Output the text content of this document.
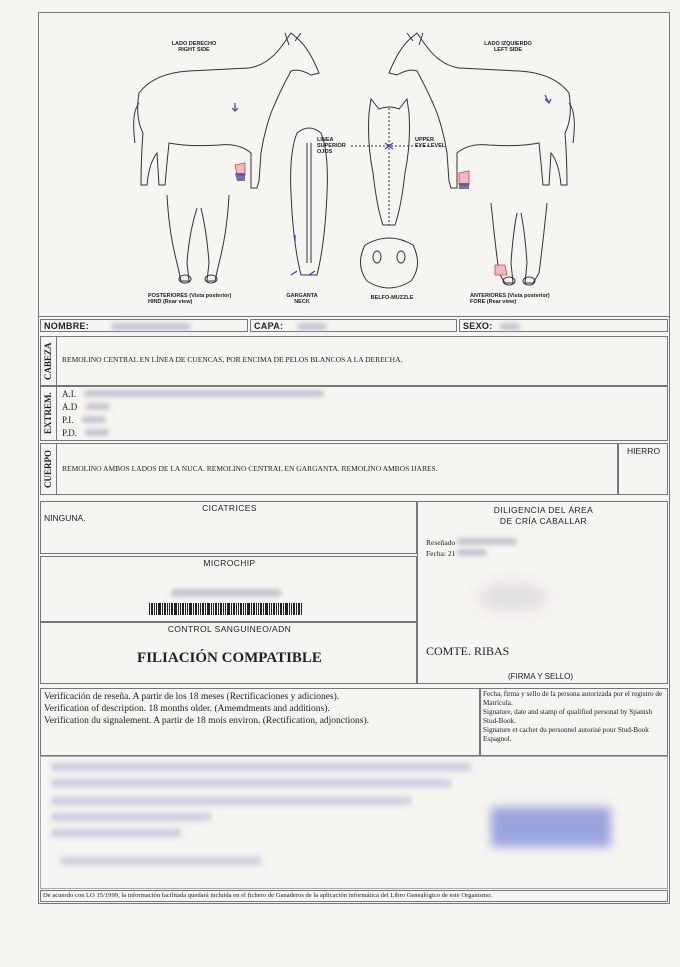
LADO DERECHO
RIGHT SIDE
LADO IZQUIERDO
LEFT SIDE
LINEA
SUPERIOR
OJOS
UPPER
EYE LEVEL
POSTERIORES (Vista posterior)
HIND (Rear view)
GARGANTA
NECK
BELFO-MUZZLE	ANTERIORES (Vista posterior)
FORE (Rear view)
NOMBRE:	CAPA:	SEXO:
CABEZA	REMOLINO CENTRAL EN LÍNEA DE CUENCAS, POR ENCIMA DE PELOS BLANCOS A LA DERECHA.
EXTREM.	A.I.
A.D
P.I.
P.D.
CUERPO	REMOLINO AMBOS LADOS DE LA NUCA. REMOLINO CENTRAL EN GARGANTA. REMOLINO AMBOS IJARES.
HIERRO
CICATRICES
NINGUNA.
MICROCHIP
CONTROL SANGUINEO/ADN
FILIACIÓN COMPATIBLE
DILIGENCIA DEL ÁREA
DE CRÍA CABALLAR
Reseñado
Fecha: 21
COMTE. RIBAS
(FIRMA Y SELLO)
Verificación de reseña. A partir de los 18 meses (Rectificaciones y adiciones).
Verification of description. 18 months older. (Amemdments and additions).
Verification du signalement. A partir de 18 mois environ. (Rectification, adjonctions).
Fecha, firma y sello de la persona autorizada por el registro de Matrícula.
Signature, date and stamp of qualified personal by Spanish Stud-Book.
Signature et cachet du personnel autorisé pour Stud-Book Espagnol.
De acuerdo con LO 15/1999, la información facilitada quedará incluida en el fichero de Ganaderos de la aplicación informática del Libro Genealógico de este Organismo.
